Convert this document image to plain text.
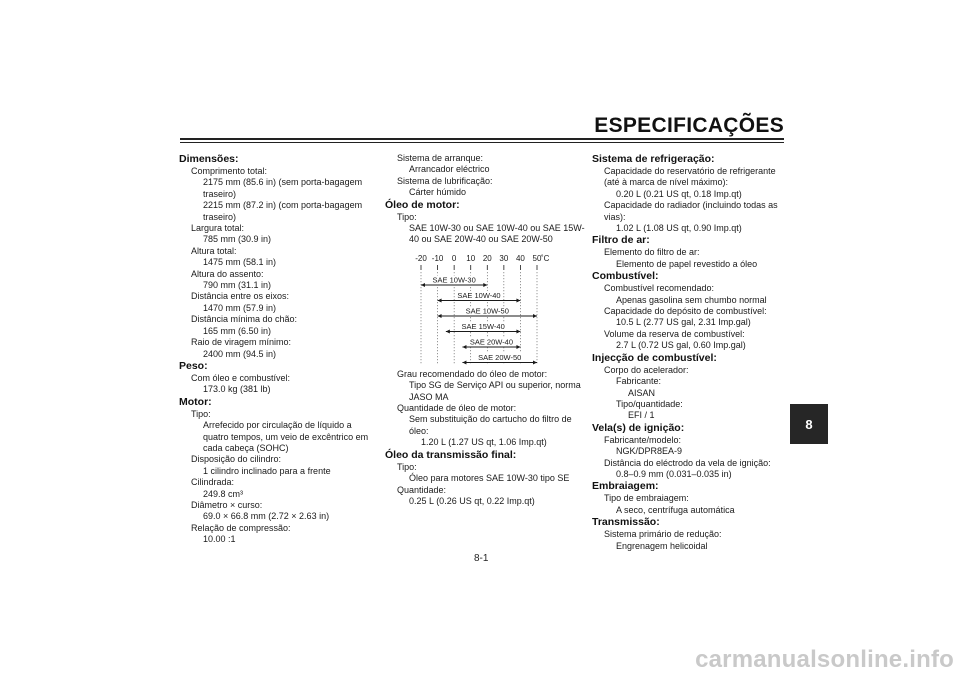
ESPECIFICAÇÕES
Dimensões:
Comprimento total:
2175 mm (85.6 in) (sem porta-bagagem traseiro)
2215 mm (87.2 in) (com porta-bagagem traseiro)
Largura total:
785 mm (30.9 in)
Altura total:
1475 mm (58.1 in)
Altura do assento:
790 mm (31.1 in)
Distância entre os eixos:
1470 mm (57.9 in)
Distância mínima do chão:
165 mm (6.50 in)
Raio de viragem mínimo:
2400 mm (94.5 in)
Peso:
Com óleo e combustível:
173.0 kg (381 lb)
Motor:
Tipo:
Arrefecido por circulação de líquido a quatro tempos, um veio de excêntrico em cada cabeça (SOHC)
Disposição do cilindro:
1 cilindro inclinado para a frente
Cilindrada:
249.8 cm³
Diâmetro × curso:
69.0 × 66.8 mm (2.72 × 2.63 in)
Relação de compressão:
10.00 :1
Sistema de arranque:
Arrancador eléctrico
Sistema de lubrificação:
Cárter húmido
Óleo de motor:
Tipo:
SAE 10W-30 ou SAE 10W-40 ou SAE 15W-40 ou SAE 20W-40 ou SAE 20W-50
-20 -10 0 10 20 30 40 50 ˚C
SAE 10W-30
SAE 10W-40
SAE 10W-50
SAE 15W-40
SAE 20W-40
SAE 20W-50
Grau recomendado do óleo de motor:
Tipo SG de Serviço API ou superior, norma JASO MA
Quantidade de óleo de motor:
Sem substituição do cartucho do filtro de óleo:
1.20 L (1.27 US qt, 1.06 Imp.qt)
Óleo da transmissão final:
Tipo:
Óleo para motores SAE 10W-30 tipo SE
Quantidade:
0.25 L (0.26 US qt, 0.22 Imp.qt)
Sistema de refrigeração:
Capacidade do reservatório de refrigerante (até à marca de nível máximo):
0.20 L (0.21 US qt, 0.18 Imp.qt)
Capacidade do radiador (incluindo todas as vias):
1.02 L (1.08 US qt, 0.90 Imp.qt)
Filtro de ar:
Elemento do filtro de ar:
Elemento de papel revestido a óleo
Combustível:
Combustível recomendado:
Apenas gasolina sem chumbo normal
Capacidade do depósito de combustível:
10.5 L (2.77 US gal, 2.31 Imp.gal)
Volume da reserva de combustível:
2.7 L (0.72 US gal, 0.60 Imp.gal)
Injecção de combustível:
Corpo do acelerador:
Fabricante:
AISAN
Tipo/quantidade:
EFI / 1
Vela(s) de ignição:
Fabricante/modelo:
NGK/DPR8EA-9
Distância do eléctrodo da vela de ignição:
0.8–0.9 mm (0.031–0.035 in)
Embraiagem:
Tipo de embraiagem:
A seco, centrífuga automática
Transmissão:
Sistema primário de redução:
Engrenagem helicoidal
8
8-1
carmanualsonline.info
